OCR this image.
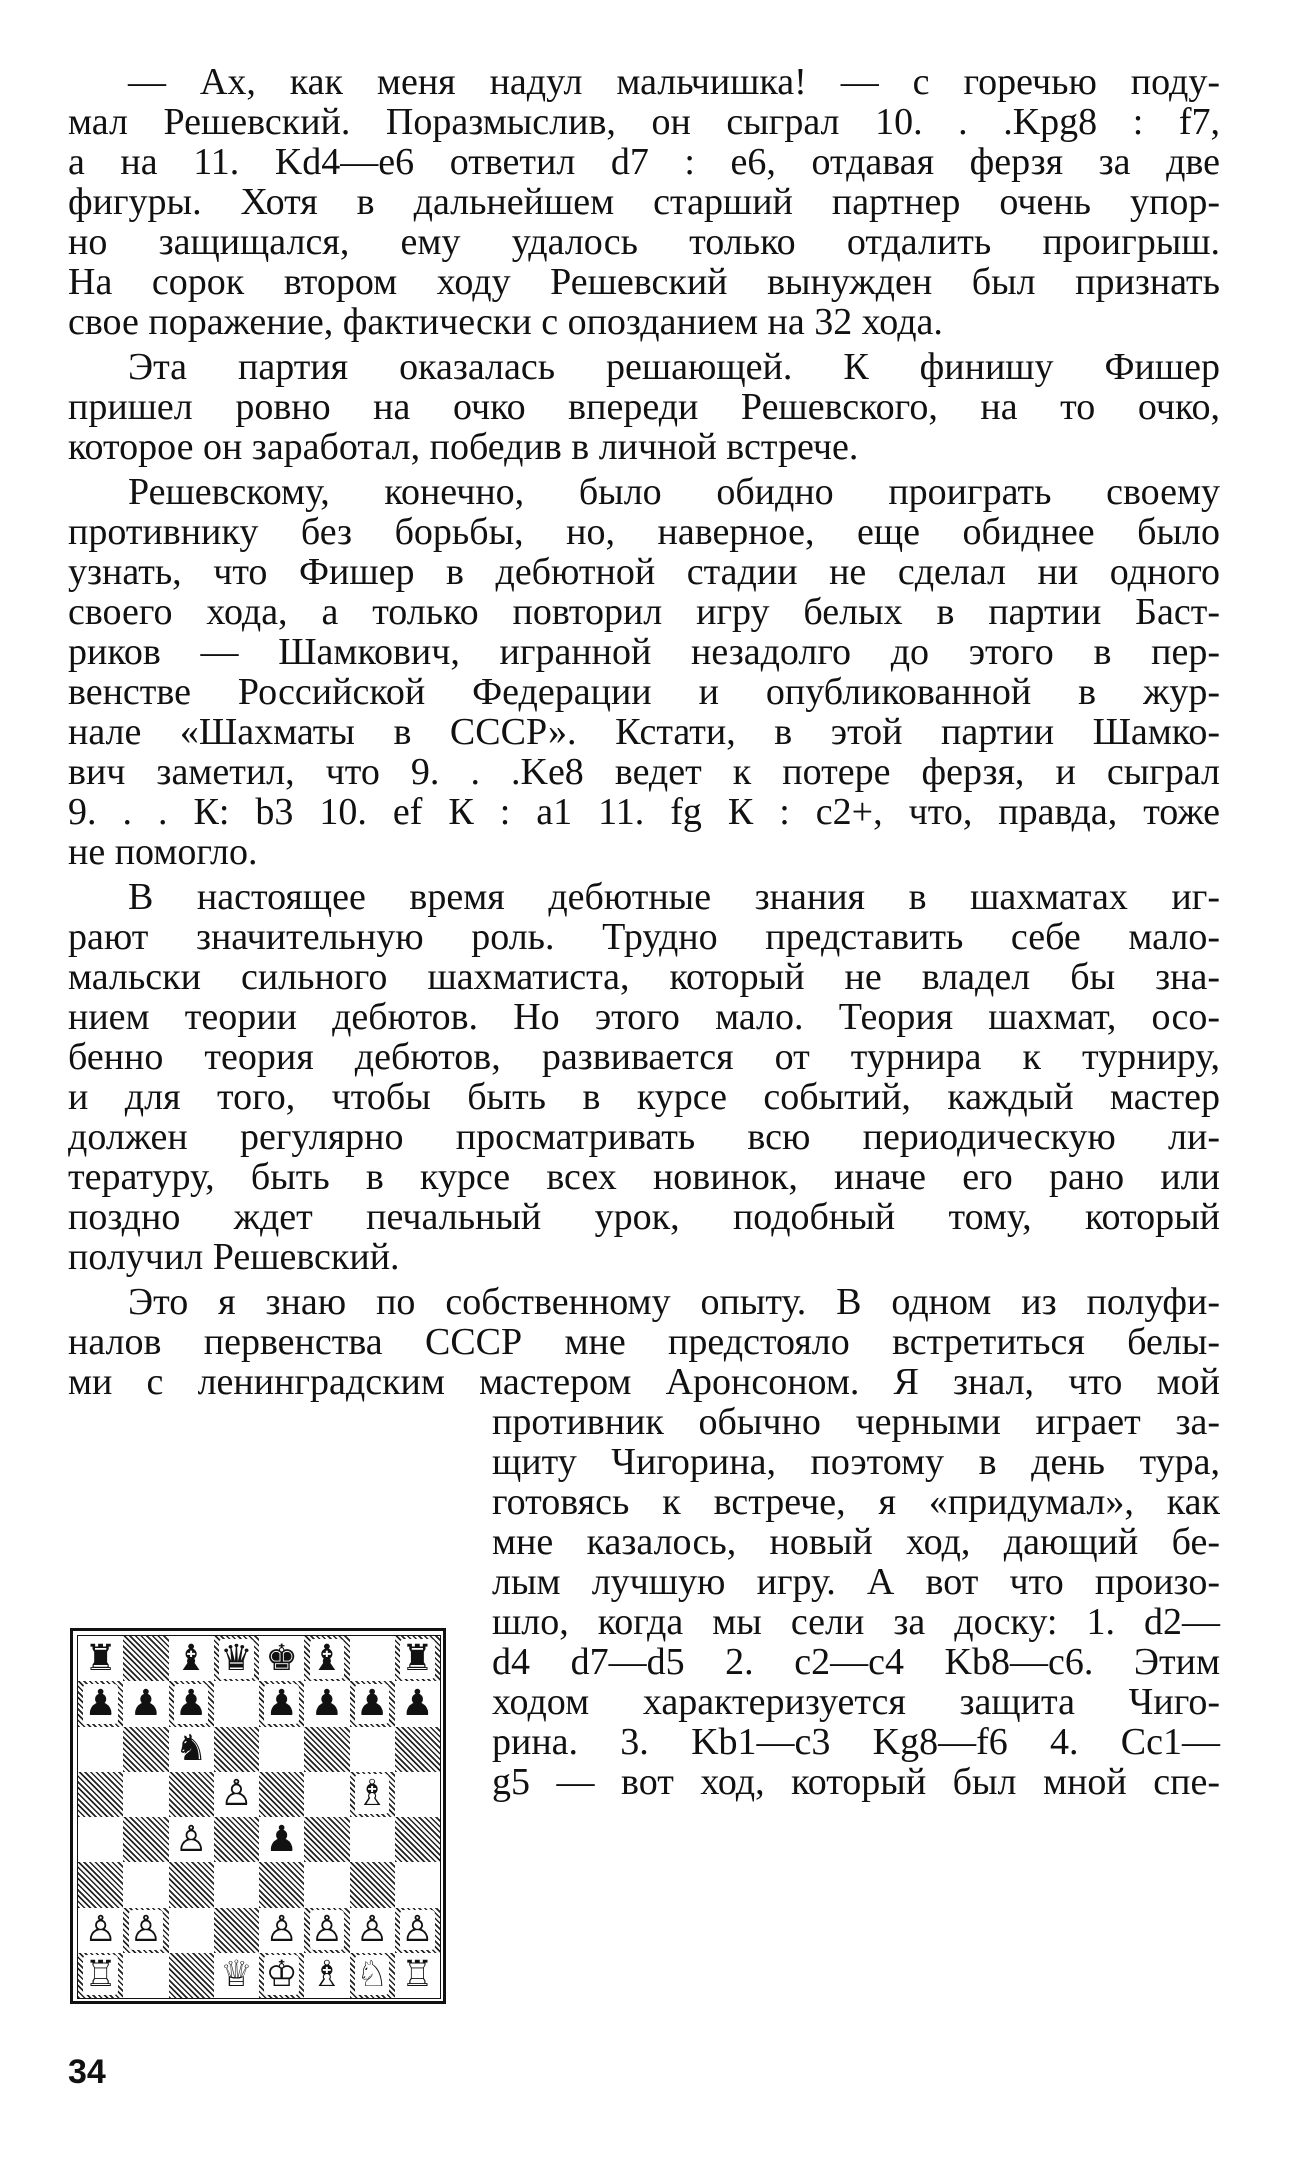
— Ах, как меня надул мальчишка! — с горечью поду-
мал Решевский. Поразмыслив, он сыграл 10. . .Kpg8 : f7,
а на 11. Kd4—e6 ответил d7 : e6, отдавая ферзя за две
фигуры. Хотя в дальнейшем старший партнер очень упор-
но защищался, ему удалось только отдалить проигрыш.
На сорок втором ходу Решевский вынужден был признать
свое поражение, фактически с опозданием на 32 хода.
Эта партия оказалась решающей. К финишу Фишер
пришел ровно на очко впереди Решевского, на то очко,
которое он заработал, победив в личной встрече.
Решевскому, конечно, было обидно проиграть своему
противнику без борьбы, но, наверное, еще обиднее было
узнать, что Фишер в дебютной стадии не сделал ни одного
своего хода, а только повторил игру белых в партии Баст-
риков — Шамкович, игранной незадолго до этого в пер-
венстве Российской Федерации и опубликованной в жур-
нале «Шахматы в СССР». Кстати, в этой партии Шамко-
вич заметил, что 9. . .Ke8 ведет к потере ферзя, и сыграл
9. . . К: b3 10. ef К : a1 11. fg К : c2+, что, правда, тоже
не помогло.
В настоящее время дебютные знания в шахматах иг-
рают значительную роль. Трудно представить себе мало-
мальски сильного шахматиста, который не владел бы зна-
нием теории дебютов. Но этого мало. Теория шахмат, осо-
бенно теория дебютов, развивается от турнира к турниру,
и для того, чтобы быть в курсе событий, каждый мастер
должен регулярно просматривать всю периодическую ли-
тературу, быть в курсе всех новинок, иначе его рано или
поздно ждет печальный урок, подобный тому, который
получил Решевский.
Это я знаю по собственному опыту. В одном из полуфи-
налов первенства СССР мне предстояло встретиться белы-
ми с ленинградским мастером Аронсоном. Я знал, что мой
противник обычно черными играет за-
щиту Чигорина, поэтому в день тура,
готовясь к встрече, я «придумал», как
мне казалось, новый ход, дающий бе-
лым лучшую игру. А вот что произо-
шло, когда мы сели за доску: 1. d2—
d4 d7—d5 2. c2—c4 Kb8—c6. Этим
ходом характеризуется защита Чиго-
рина. 3. Kb1—c3 Kg8—f6 4. Cc1—
g5 — вот ход, который был мной спе-
♜ ♝ ♛ ♚ ♝ ♜
♟ ♟ ♟ ♟ ♟ ♟ ♟
♞
♙	♗
♙ ♟
♙ ♙	♙ ♙ ♙ ♙
♖	♕ ♔ ♗ ♘ ♖
34
